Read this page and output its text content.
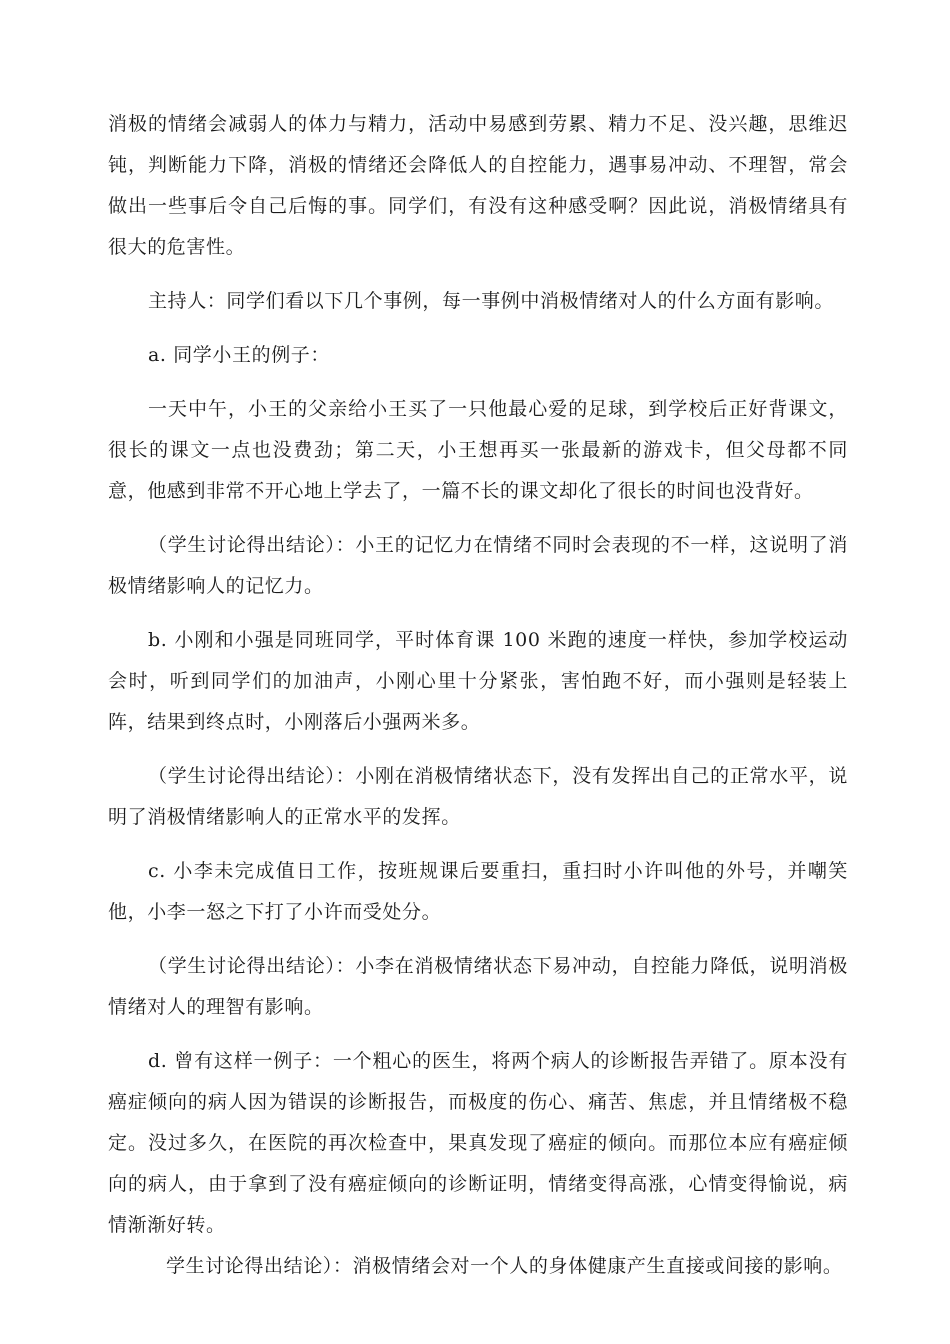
消极的情绪会减弱人的体力与精力，活动中易感到劳累、精力不足、没兴趣，思维迟钝，判断能力下降，消极的情绪还会降低人的自控能力，遇事易冲动、不理智，常会做出一些事后令自己后悔的事。同学们，有没有这种感受啊？因此说，消极情绪具有很大的危害性。

主持人：同学们看以下几个事例，每一事例中消极情绪对人的什么方面有影响。

a. 同学小王的例子：

一天中午，小王的父亲给小王买了一只他最心爱的足球，到学校后正好背课文，很长的课文一点也没费劲；第二天，小王想再买一张最新的游戏卡，但父母都不同意，他感到非常不开心地上学去了，一篇不长的课文却化了很长的时间也没背好。

（学生讨论得出结论）：小王的记忆力在情绪不同时会表现的不一样，这说明了消极情绪影响人的记忆力。

b. 小刚和小强是同班同学，平时体育课 100 米跑的速度一样快，参加学校运动会时，听到同学们的加油声，小刚心里十分紧张，害怕跑不好，而小强则是轻装上阵，结果到终点时，小刚落后小强两米多。

（学生讨论得出结论）：小刚在消极情绪状态下，没有发挥出自己的正常水平，说明了消极情绪影响人的正常水平的发挥。

c. 小李未完成值日工作，按班规课后要重扫，重扫时小许叫他的外号，并嘲笑他，小李一怒之下打了小许而受处分。

（学生讨论得出结论）：小李在消极情绪状态下易冲动，自控能力降低，说明消极情绪对人的理智有影响。

d. 曾有这样一例子：一个粗心的医生，将两个病人的诊断报告弄错了。原本没有癌症倾向的病人因为错误的诊断报告，而极度的伤心、痛苦、焦虑，并且情绪极不稳定。没过多久，在医院的再次检查中，果真发现了癌症的倾向。而那位本应有癌症倾向的病人，由于拿到了没有癌症倾向的诊断证明，情绪变得高涨，心情变得愉说，病情渐渐好转。

学生讨论得出结论）：消极情绪会对一个人的身体健康产生直接或间接的影响。
